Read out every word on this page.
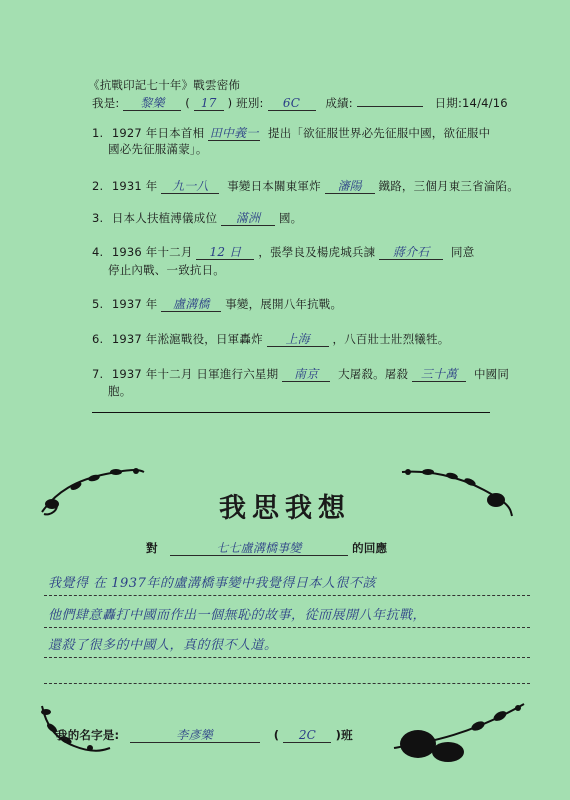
《抗戰印記七十年》戰雲密佈
我是: 黎樂 ( 17 ) 班別: 6C 成績:	日期:14/4/16
1. 1927 年日本首相 田中義一 提出「欲征服世界必先征服中國，欲征服中
國必先征服滿蒙」。
2. 1931 年 九一八 事變日本關東軍炸 瀋陽 鐵路，三個月東三省淪陷。
3. 日本人扶植溥儀成位 滿洲 國。
4. 1936 年十二月 12 日 ，張學良及楊虎城兵諫 蔣介石 同意
停止內戰、一致抗日。
5. 1937 年 盧溝橋 事變，展開八年抗戰。
6. 1937 年淞滬戰役，日軍轟炸 上海 ，八百壯士壯烈犧牲。
7. 1937 年十二月 日軍進行六星期 南京 大屠殺。屠殺 三十萬 中國同
胞。
我思我想
對	七七盧溝橋事變	的回應
我覺得 在 1937年的盧溝橋事變中我覺得日本人很不該
他們肆意轟打中國而作出一個無恥的故事，從而展開八年抗戰，
還殺了很多的中國人，真的很不人道。
我的名字是:	李彥樂	( 2C )班
